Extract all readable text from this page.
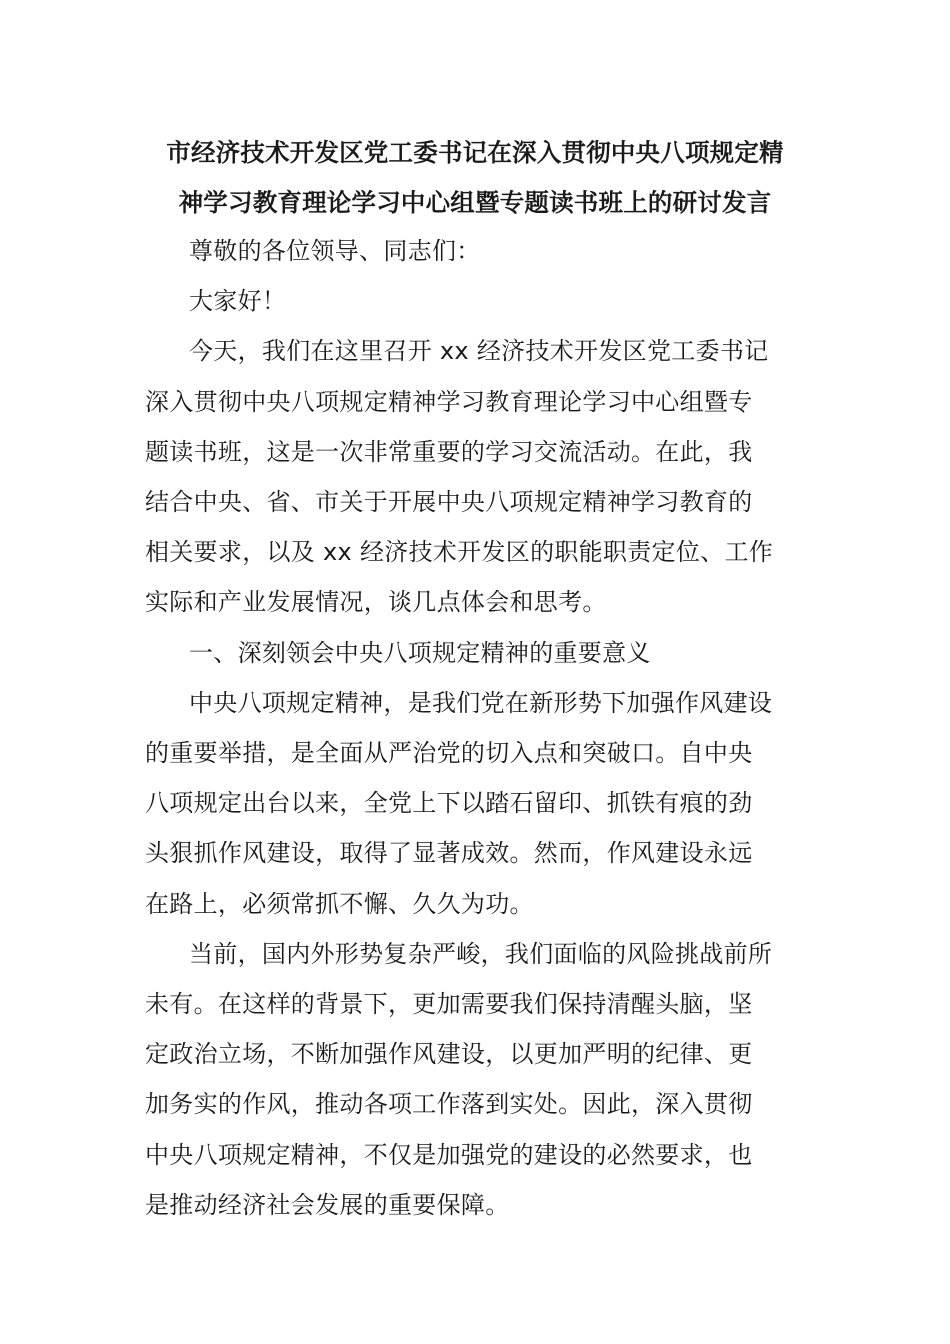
市经济技术开发区党工委书记在深入贯彻中央八项规定精
神学习教育理论学习中心组暨专题读书班上的研讨发言

尊敬的各位领导、同志们：

大家好！

今天，我们在这里召开 xx 经济技术开发区党工委书记
深入贯彻中央八项规定精神学习教育理论学习中心组暨专
题读书班，这是一次非常重要的学习交流活动。在此，我
结合中央、省、市关于开展中央八项规定精神学习教育的
相关要求，以及 xx 经济技术开发区的职能职责定位、工作
实际和产业发展情况，谈几点体会和思考。

一、深刻领会中央八项规定精神的重要意义

中央八项规定精神，是我们党在新形势下加强作风建设
的重要举措，是全面从严治党的切入点和突破口。自中央
八项规定出台以来，全党上下以踏石留印、抓铁有痕的劲
头狠抓作风建设，取得了显著成效。然而，作风建设永远
在路上，必须常抓不懈、久久为功。

当前，国内外形势复杂严峻，我们面临的风险挑战前所
未有。在这样的背景下，更加需要我们保持清醒头脑，坚
定政治立场，不断加强作风建设，以更加严明的纪律、更
加务实的作风，推动各项工作落到实处。因此，深入贯彻
中央八项规定精神，不仅是加强党的建设的必然要求，也
是推动经济社会发展的重要保障。
